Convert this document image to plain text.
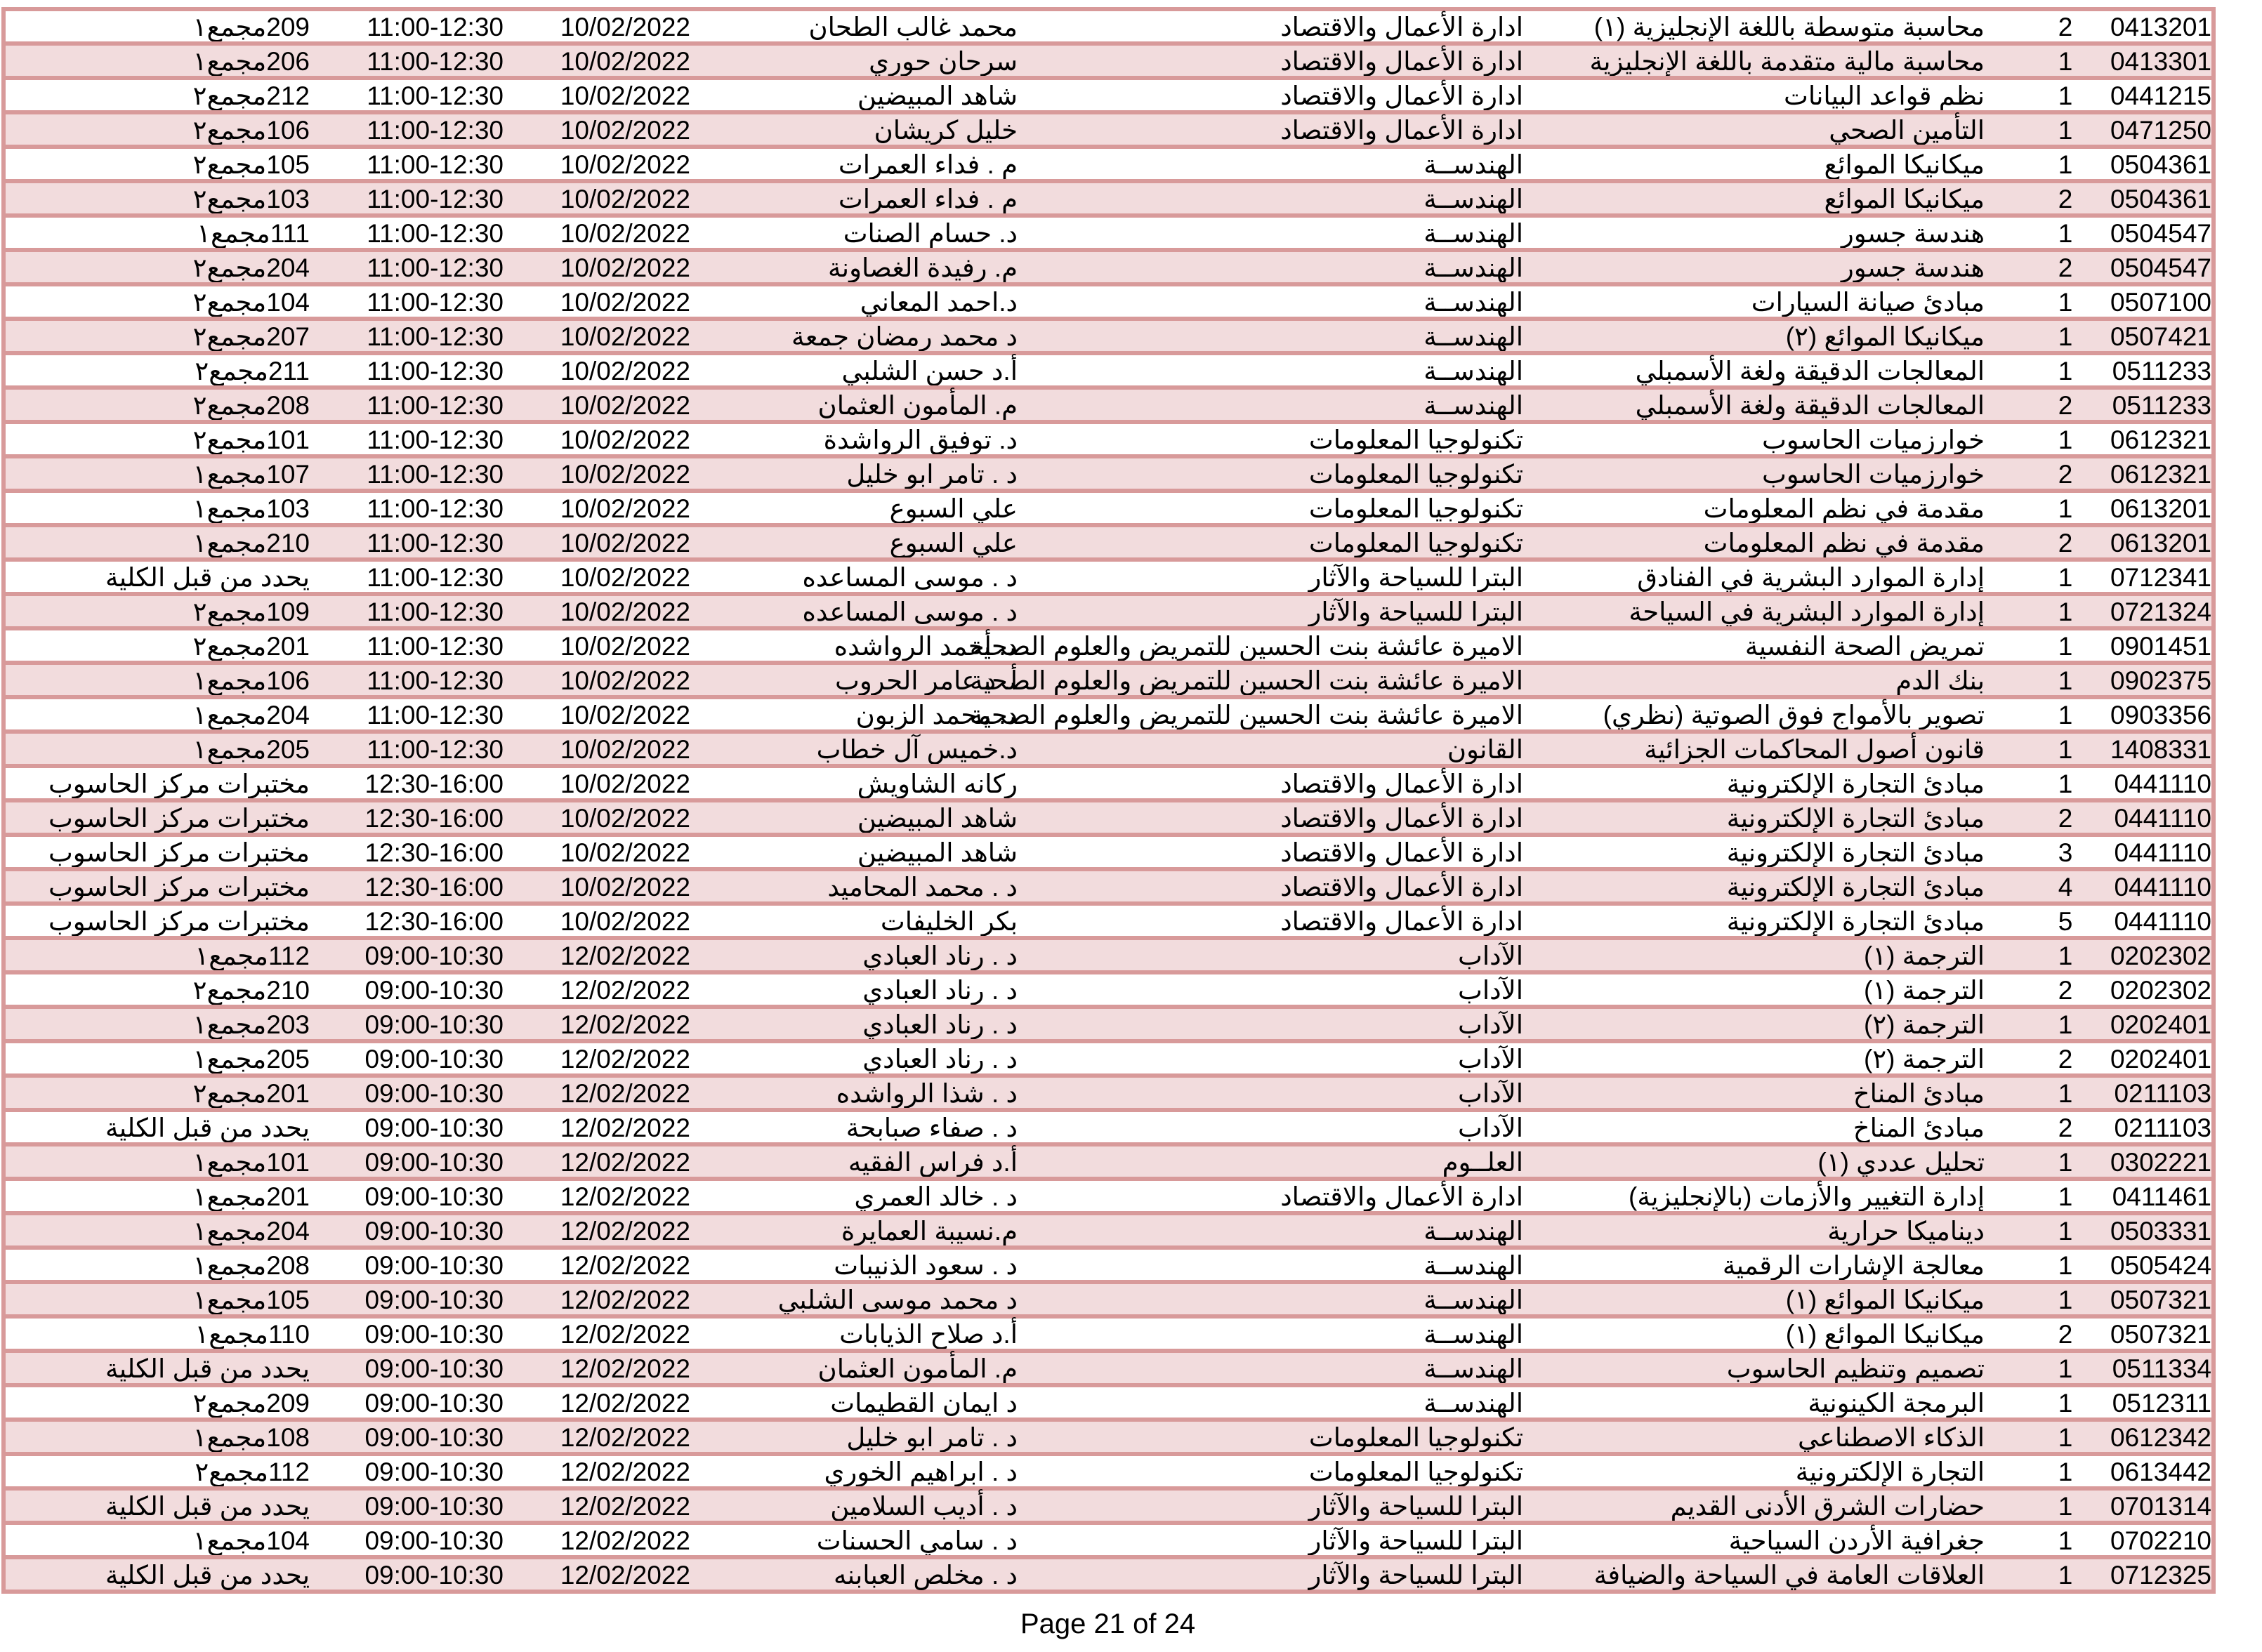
0413201
2
محاسبة متوسطة باللغة الإنجليزية (١)
ادارة الأعمال والاقتصاد
محمد غالب الطحان
10/02/2022
11:00-12:30
209مجمع١
0413301
1
محاسبة مالية متقدمة باللغة الإنجليزية
ادارة الأعمال والاقتصاد
سرحان حوري
10/02/2022
11:00-12:30
206مجمع١
0441215
1
نظم قواعد البيانات
ادارة الأعمال والاقتصاد
شاهد المبيضين
10/02/2022
11:00-12:30
212مجمع٢
0471250
1
التأمين الصحي
ادارة الأعمال والاقتصاد
خليل كريشان
10/02/2022
11:00-12:30
106مجمع٢
0504361
1
ميكانيكا الموائع
الهندســة
م . فداء العمرات
10/02/2022
11:00-12:30
105مجمع٢
0504361
2
ميكانيكا الموائع
الهندســة
م . فداء العمرات
10/02/2022
11:00-12:30
103مجمع٢
0504547
1
هندسة جسور
الهندســة
د. حسام الصنات
10/02/2022
11:00-12:30
111مجمع١
0504547
2
هندسة جسور
الهندســة
م. رفيدة الغصاونة
10/02/2022
11:00-12:30
204مجمع٢
0507100
1
مبادئ صيانة السيارات
الهندســة
د.احمد المعاني
10/02/2022
11:00-12:30
104مجمع٢
0507421
1
ميكانيكا الموائع (٢)
الهندســة
د محمد رمضان جمعة
10/02/2022
11:00-12:30
207مجمع٢
0511233
1
المعالجات الدقيقة ولغة الأسمبلي
الهندســة
أ.د حسن الشلبي
10/02/2022
11:00-12:30
211مجمع٢
0511233
2
المعالجات الدقيقة ولغة الأسمبلي
الهندســة
م. المأمون العثمان
10/02/2022
11:00-12:30
208مجمع٢
0612321
1
خوارزميات الحاسوب
تكنولوجيا المعلومات
د. توفيق الرواشدة
10/02/2022
11:00-12:30
101مجمع٢
0612321
2
خوارزميات الحاسوب
تكنولوجيا المعلومات
د . تامر ابو خليل
10/02/2022
11:00-12:30
107مجمع١
0613201
1
مقدمة في نظم المعلومات
تكنولوجيا المعلومات
علي السبوع
10/02/2022
11:00-12:30
103مجمع١
0613201
2
مقدمة في نظم المعلومات
تكنولوجيا المعلومات
علي السبوع
10/02/2022
11:00-12:30
210مجمع١
0712341
1
إدارة الموارد البشرية في الفنادق
البترا للسياحة والآثار
د . موسى المساعده
10/02/2022
11:00-12:30
يحدد من قبل الكلية
0721324
1
إدارة الموارد البشرية في السياحة
البترا للسياحة والآثار
د . موسى المساعده
10/02/2022
11:00-12:30
109مجمع٢
0901451
1
تمريض الصحة النفسية
الاميرة عائشة بنت الحسين للتمريض والعلوم الصحية
د. أحمد الرواشده
10/02/2022
11:00-12:30
201مجمع٢
0902375
1
بنك الدم
الاميرة عائشة بنت الحسين للتمريض والعلوم الصحية
أ. د عامر الحروب
10/02/2022
11:00-12:30
106مجمع١
0903356
1
تصوير بالأمواج فوق الصوتية (نظري)
الاميرة عائشة بنت الحسين للتمريض والعلوم الصحية
د. محمد الزبون
10/02/2022
11:00-12:30
204مجمع١
1408331
1
قانون أصول المحاكمات الجزائية
القانون
د.خميس آل خطاب
10/02/2022
11:00-12:30
205مجمع١
0441110
1
مبادئ التجارة الإلكترونية
ادارة الأعمال والاقتصاد
ركانه الشاويش
10/02/2022
12:30-16:00
مختبرات مركز الحاسوب
0441110
2
مبادئ التجارة الإلكترونية
ادارة الأعمال والاقتصاد
شاهد المبيضين
10/02/2022
12:30-16:00
مختبرات مركز الحاسوب
0441110
3
مبادئ التجارة الإلكترونية
ادارة الأعمال والاقتصاد
شاهد المبيضين
10/02/2022
12:30-16:00
مختبرات مركز الحاسوب
0441110
4
مبادئ التجارة الإلكترونية
ادارة الأعمال والاقتصاد
د . محمد المحاميد
10/02/2022
12:30-16:00
مختبرات مركز الحاسوب
0441110
5
مبادئ التجارة الإلكترونية
ادارة الأعمال والاقتصاد
بكر الخليفات
10/02/2022
12:30-16:00
مختبرات مركز الحاسوب
0202302
1
الترجمة (١)
الآداب
د . رناد العبادي
12/02/2022
09:00-10:30
112مجمع١
0202302
2
الترجمة (١)
الآداب
د . رناد العبادي
12/02/2022
09:00-10:30
210مجمع٢
0202401
1
الترجمة (٢)
الآداب
د . رناد العبادي
12/02/2022
09:00-10:30
203مجمع١
0202401
2
الترجمة (٢)
الآداب
د . رناد العبادي
12/02/2022
09:00-10:30
205مجمع١
0211103
1
مبادئ المناخ
الآداب
د . شذا الرواشده
12/02/2022
09:00-10:30
201مجمع٢
0211103
2
مبادئ المناخ
الآداب
د . صفاء صبابحة
12/02/2022
09:00-10:30
يحدد من قبل الكلية
0302221
1
تحليل عددي (١)
العلــوم
أ.د فراس الفقيه
12/02/2022
09:00-10:30
101مجمع١
0411461
1
إدارة التغيير والأزمات (بالإنجليزية)
ادارة الأعمال والاقتصاد
د . خالد العمري
12/02/2022
09:00-10:30
201مجمع١
0503331
1
ديناميكا حرارية
الهندســة
م.نسيبة العمايرة
12/02/2022
09:00-10:30
204مجمع١
0505424
1
معالجة الإشارات الرقمية
الهندســة
د . سعود الذنيبات
12/02/2022
09:00-10:30
208مجمع١
0507321
1
ميكانيكا الموائع (١)
الهندســة
د محمد موسى الشلبي
12/02/2022
09:00-10:30
105مجمع١
0507321
2
ميكانيكا الموائع (١)
الهندســة
أ.د صلاح الذيابات
12/02/2022
09:00-10:30
110مجمع١
0511334
1
تصميم وتنظيم الحاسوب
الهندســة
م. المأمون العثمان
12/02/2022
09:00-10:30
يحدد من قبل الكلية
0512311
1
البرمجة الكينونية
الهندســة
د ايمان القطيمات
12/02/2022
09:00-10:30
209مجمع٢
0612342
1
الذكاء الاصطناعي
تكنولوجيا المعلومات
د . تامر ابو خليل
12/02/2022
09:00-10:30
108مجمع١
0613442
1
التجارة الإلكترونية
تكنولوجيا المعلومات
د . ابراهيم الخوري
12/02/2022
09:00-10:30
112مجمع٢
0701314
1
حضارات الشرق الأدنى القديم
البترا للسياحة والآثار
د . أديب السلامين
12/02/2022
09:00-10:30
يحدد من قبل الكلية
0702210
1
جغرافية الأردن السياحية
البترا للسياحة والآثار
د . سامي الحسنات
12/02/2022
09:00-10:30
104مجمع١
0712325
1
العلاقات العامة في السياحة والضيافة
البترا للسياحة والآثار
د . مخلص العبابنه
12/02/2022
09:00-10:30
يحدد من قبل الكلية
Page 21 of 24
